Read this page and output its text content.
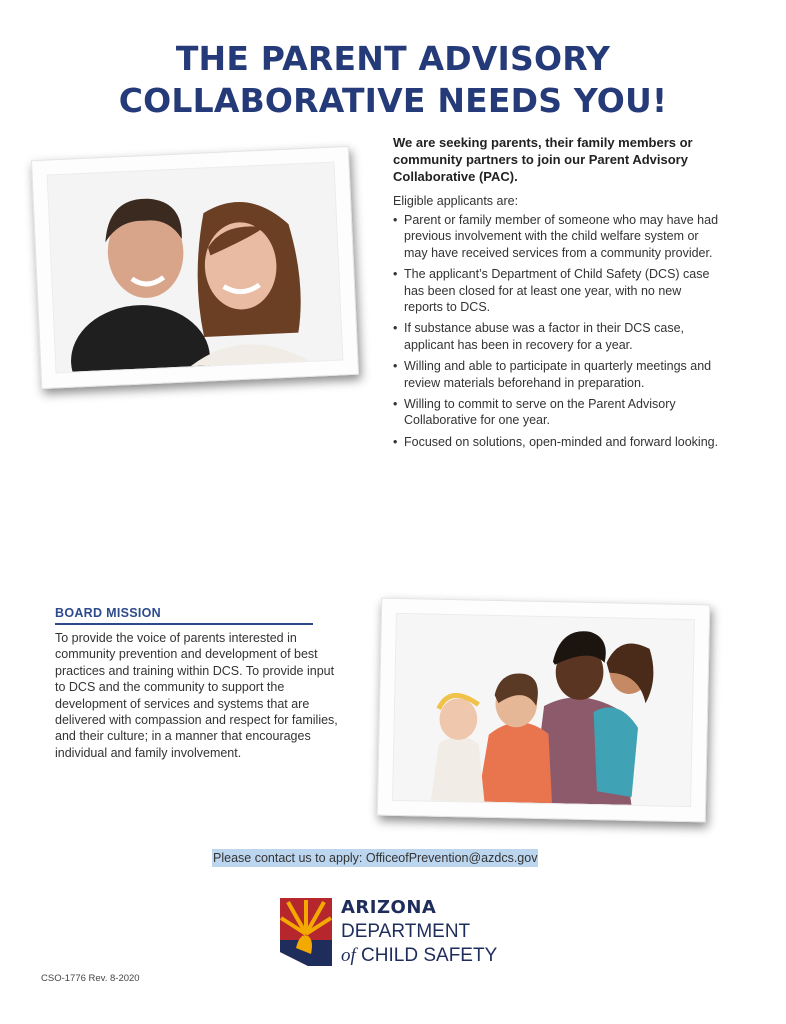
THE PARENT ADVISORY
COLLABORATIVE NEEDS YOU!

We are seeking parents, their family members or community partners to join our Parent Advisory Collaborative (PAC).

Eligible applicants are:

• Parent or family member of someone who may have had previous involvement with the child welfare system or may have received services from a community provider.
• The applicant’s Department of Child Safety (DCS) case has been closed for at least one year, with no new reports to DCS.
• If substance abuse was a factor in their DCS case, applicant has been in recovery for a year.
• Willing and able to participate in quarterly meetings and review materials beforehand in preparation.
• Willing to commit to serve on the Parent Advisory Collaborative for one year.
• Focused on solutions, open-minded and forward looking.
BOARD MISSION

To provide the voice of parents interested in community prevention and development of best practices and training within DCS. To provide input to DCS and the community to support the development of services and systems that are delivered with compassion and respect for families, and their culture; in a manner that encourages individual and family involvement.

Please contact us to apply: OfficeofPrevention@azdcs.gov

ARIZONA
DEPARTMENT
of CHILD SAFETY

CSO-1776 Rev. 8-2020
